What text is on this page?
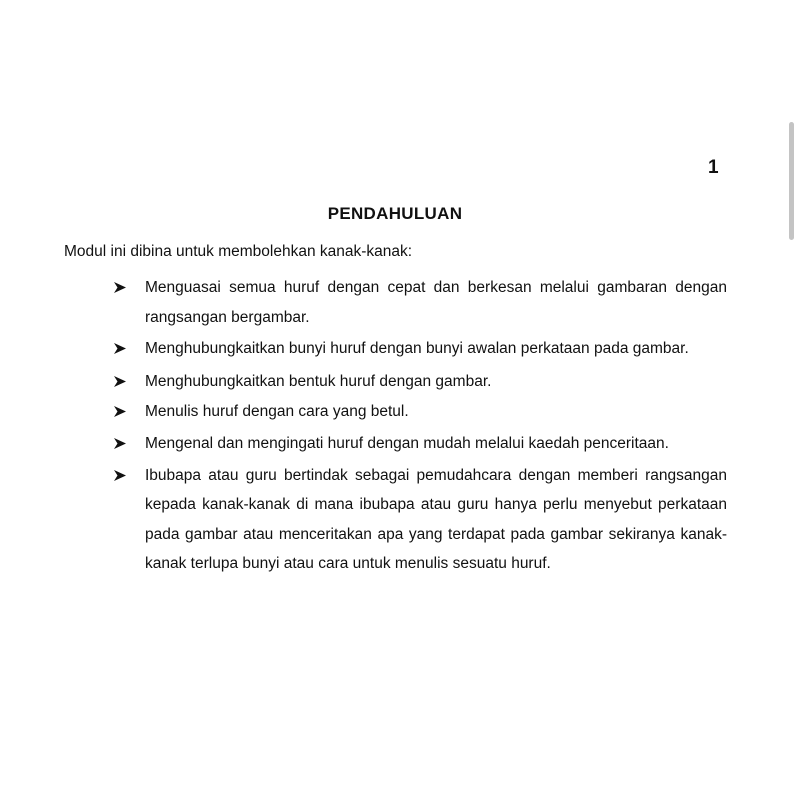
1
PENDAHULUAN
Modul ini dibina untuk membolehkan kanak-kanak:
Menguasai semua huruf dengan cepat dan berkesan melalui gambaran dengan rangsangan bergambar.
Menghubungkaitkan bunyi huruf dengan bunyi awalan perkataan pada gambar.
Menghubungkaitkan bentuk huruf dengan gambar.
Menulis huruf dengan cara yang betul.
Mengenal dan mengingati huruf dengan mudah melalui kaedah penceritaan.
Ibubapa atau guru bertindak sebagai pemudahcara dengan memberi rangsangan kepada kanak-kanak di mana ibubapa atau guru hanya perlu menyebut perkataan pada gambar atau menceritakan apa yang terdapat pada gambar sekiranya kanak-kanak terlupa bunyi atau cara untuk menulis sesuatu huruf.
